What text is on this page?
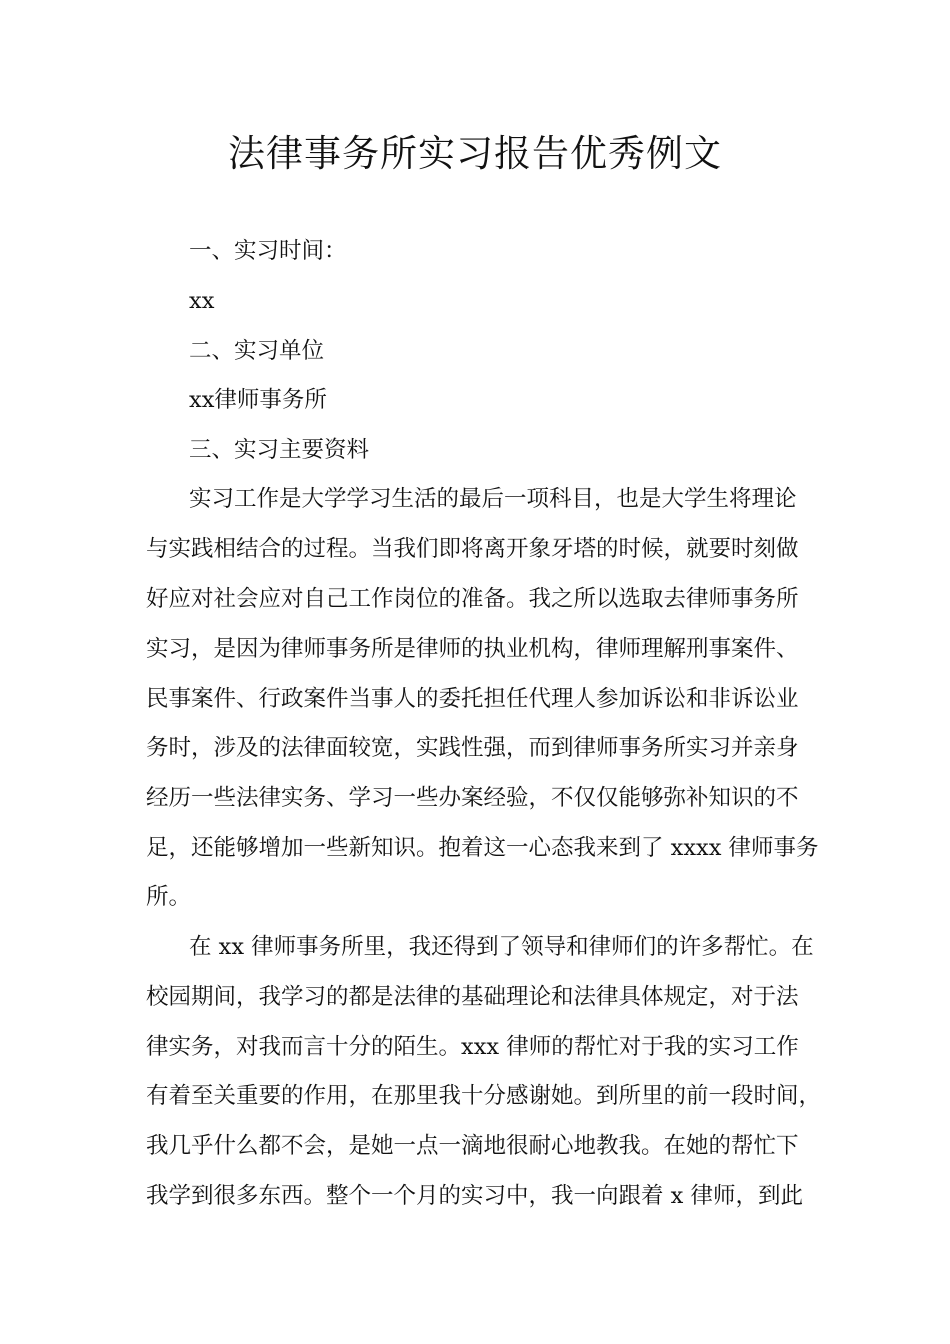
法律事务所实习报告优秀例文

一、实习时间：

xx

二、实习单位

xx律师事务所

三、实习主要资料

实习工作是大学学习生活的最后一项科目，也是大学生将理论

与实践相结合的过程。当我们即将离开象牙塔的时候，就要时刻做

好应对社会应对自己工作岗位的准备。我之所以选取去律师事务所

实习，是因为律师事务所是律师的执业机构，律师理解刑事案件、

民事案件、行政案件当事人的委托担任代理人参加诉讼和非诉讼业

务时，涉及的法律面较宽，实践性强，而到律师事务所实习并亲身

经历一些法律实务、学习一些办案经验，不仅仅能够弥补知识的不

足，还能够增加一些新知识。抱着这一心态我来到了 xxxx 律师事务

所。

在 xx 律师事务所里，我还得到了领导和律师们的许多帮忙。在

校园期间，我学习的都是法律的基础理论和法律具体规定，对于法

律实务，对我而言十分的陌生。xxx 律师的帮忙对于我的实习工作

有着至关重要的作用，在那里我十分感谢她。到所里的前一段时间，

我几乎什么都不会，是她一点一滴地很耐心地教我。在她的帮忙下

我学到很多东西。整个一个月的实习中，我一向跟着 x 律师，到此
